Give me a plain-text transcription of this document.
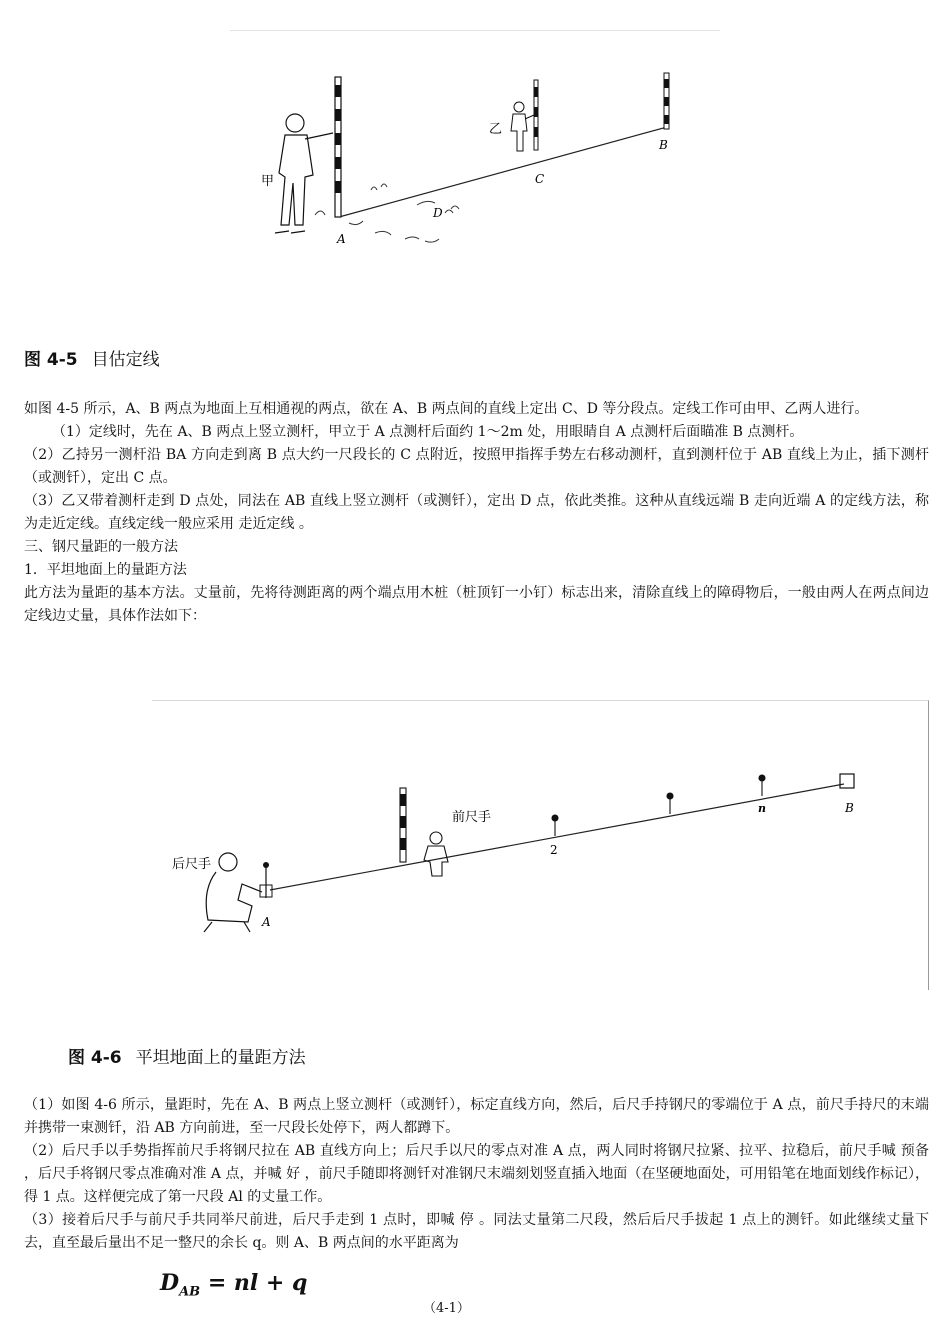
甲
乙
A
B
C
D
图 4-5 目估定线

如图 4-5 所示，A、B 两点为地面上互相通视的两点，欲在 A、B 两点间的直线上定出 C、D 等分段点。定线工作可由甲、乙两人进行。

（1）定线时，先在 A、B 两点上竖立测杆，甲立于 A 点测杆后面约 1～2m 处，用眼睛自 A 点测杆后面瞄准 B 点测杆。

（2）乙持另一测杆沿 BA 方向走到离 B 点大约一尺段长的 C 点附近，按照甲指挥手势左右移动测杆，直到测杆位于 AB 直线上为止，插下测杆（或测钎），定出 C 点。

（3）乙又带着测杆走到 D 点处，同法在 AB 直线上竖立测杆（或测钎），定出 D 点，依此类推。这种从直线远端 B 走向近端 A 的定线方法，称为走近定线。直线定线一般应采用 走近定线 。

三、钢尺量距的一般方法

1．平坦地面上的量距方法

此方法为量距的基本方法。丈量前，先将待测距离的两个端点用木桩（桩顶钉一小钉）标志出来，清除直线上的障碍物后，一般由两人在两点间边定线边丈量，具体作法如下：

后尺手
前尺手
A
B
2
n
图 4-6 平坦地面上的量距方法

（1）如图 4-6 所示，量距时，先在 A、B 两点上竖立测杆（或测钎），标定直线方向，然后，后尺手持钢尺的零端位于 A 点，前尺手持尺的末端并携带一束测钎，沿 AB 方向前进，至一尺段长处停下，两人都蹲下。

（2）后尺手以手势指挥前尺手将钢尺拉在 AB 直线方向上；后尺手以尺的零点对准 A 点，两人同时将钢尺拉紧、拉平、拉稳后，前尺手喊 预备 ，后尺手将钢尺零点准确对准 A 点，并喊 好 ，前尺手随即将测钎对准钢尺末端刻划竖直插入地面（在坚硬地面处，可用铅笔在地面划线作标记），得 1 点。这样便完成了第一尺段 Al 的丈量工作。

（3）接着后尺手与前尺手共同举尺前进，后尺手走到 1 点时，即喊 停 。同法丈量第二尺段，然后后尺手拔起 1 点上的测钎。如此继续丈量下去，直至最后量出不足一整尺的余长 q。则 A、B 两点间的水平距离为

$D_{AB}$ = nl + q
（4-1）
